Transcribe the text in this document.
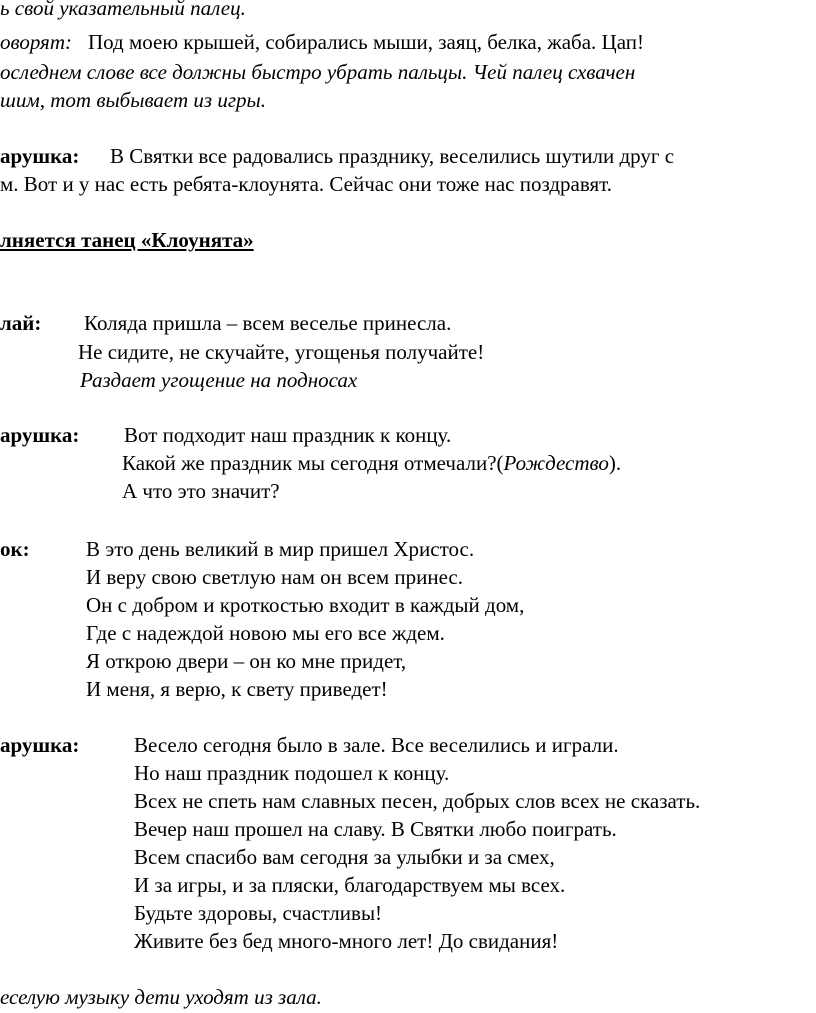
ь свой указательный палец.
оворят: Под моею крышей, собирались мыши, заяц, белка, жаба. Цап!
оследнем слове все должны быстро убрать пальцы. Чей палец схвачен
шим, тот выбывает из игры.
арушка: В Святки все радовались празднику, веселились шутили друг с
м. Вот и у нас есть ребята-клоунята. Сейчас они тоже нас поздравят.
лняется танец «Клоунята»
лай: Коляда пришла – всем веселье принесла.
Не сидите, не скучайте, угощенья получайте!
Раздает угощение на подносах
арушка: Вот подходит наш праздник к концу.
Какой же праздник мы сегодня отмечали?(Рождество).
А что это значит?
ок:	В это день великий в мир пришел Христос.
И веру свою светлую нам он всем принес.
Он с добром и кроткостью входит в каждый дом,
Где с надеждой новою мы его все ждем.
Я открою двери – он ко мне придет,
И меня, я верю, к свету приведет!
арушка:	Весело сегодня было в зале. Все веселились и играли.
Но наш праздник подошел к концу.
Всех не спеть нам славных песен, добрых слов всех не сказать.
Вечер наш прошел на славу. В Святки любо поиграть.
Всем спасибо вам сегодня за улыбки и за смех,
И за игры, и за пляски, благодарствуем мы всех.
Будьте здоровы, счастливы!
Живите без бед много-много лет! До свидания!
еселую музыку дети уходят из зала.
